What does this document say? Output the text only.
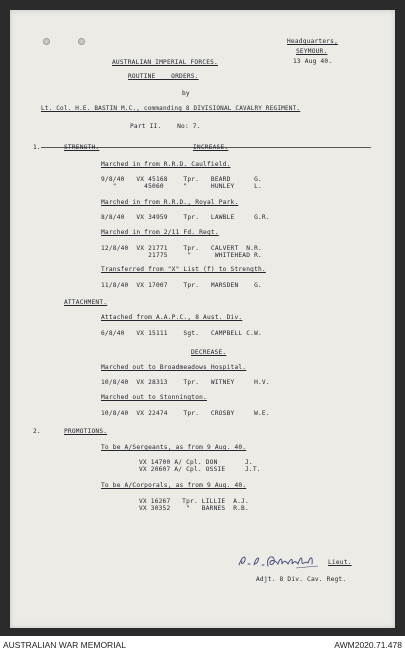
Headquarters,
SEYMOUR.
13 Aug 40.
AUSTRALIAN IMPERIAL FORCES.
ROUTINE    ORDERS.
by
Lt. Col. H.E. BASTIN M.C., commanding 8 DIVISIONAL CAVALRY REGIMENT.
Part II.    No: 7.
1.	STRENGTH.	INCREASE.
Marched in from R.R.D. Caulfield.
9/8/40   VX 45168    Tpr.   BEARD      G.
"       45060     "      HUNLEY     L.
Marched in from R.R.D., Royal Park.
8/8/40   VX 34959    Tpr.   LAWBLE     G.R.
Marched in from 2/11 Fd. Regt.
12/8/40  VX 21771    Tpr.   CALVERT  N.R.
21775     "      WHITEHEAD R.
Transferred from "X" List (f) to Strength.
11/8/40  VX 17007    Tpr.   MARSDEN    G.
ATTACHMENT.
Attached from A.A.P.C., 8 Aust. Div.
6/8/40   VX 15111    Sgt.   CAMPBELL C.W.
DECREASE.
Marched out to Broadmeadows Hospital.
10/8/40  VX 28313    Tpr.   WITNEY     H.V.
Marched out to Stonnington.
10/8/40  VX 22474    Tpr.   CROSBY     W.E.
2.	PROMOTIONS.
To be A/Sergeants, as from 9 Aug. 40.
VX 14700 A/ Cpl. DON       J.
VX 20607 A/ Cpl. OSSIE     J.T.
To be A/Corporals, as from 9 Aug. 40.
VX 16267   Tpr. LILLIE  A.J.
VX 30352    "   BARNES  R.B.
Lieut.
Adjt. 8 Div. Cav. Regt.
AUSTRALIAN WAR MEMORIAL	AWM2020.71.478
